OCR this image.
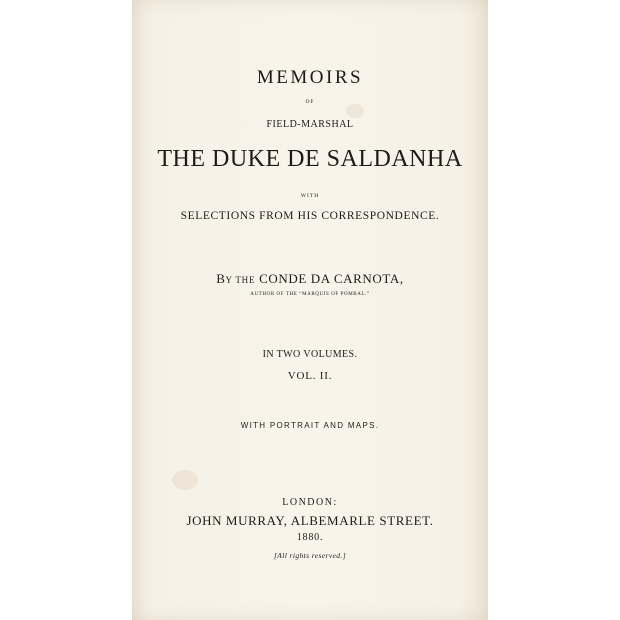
MEMOIRS
OF
FIELD-MARSHAL
THE DUKE DE SALDANHA
WITH
SELECTIONS FROM HIS CORRESPONDENCE.
BY THE CONDE DA CARNOTA,
AUTHOR OF THE “MARQUIS OF POMBAL.”
IN TWO VOLUMES.
VOL. II.
WITH PORTRAIT AND MAPS.
LONDON:
JOHN MURRAY, ALBEMARLE STREET.
1880.
[All rights reserved.]
